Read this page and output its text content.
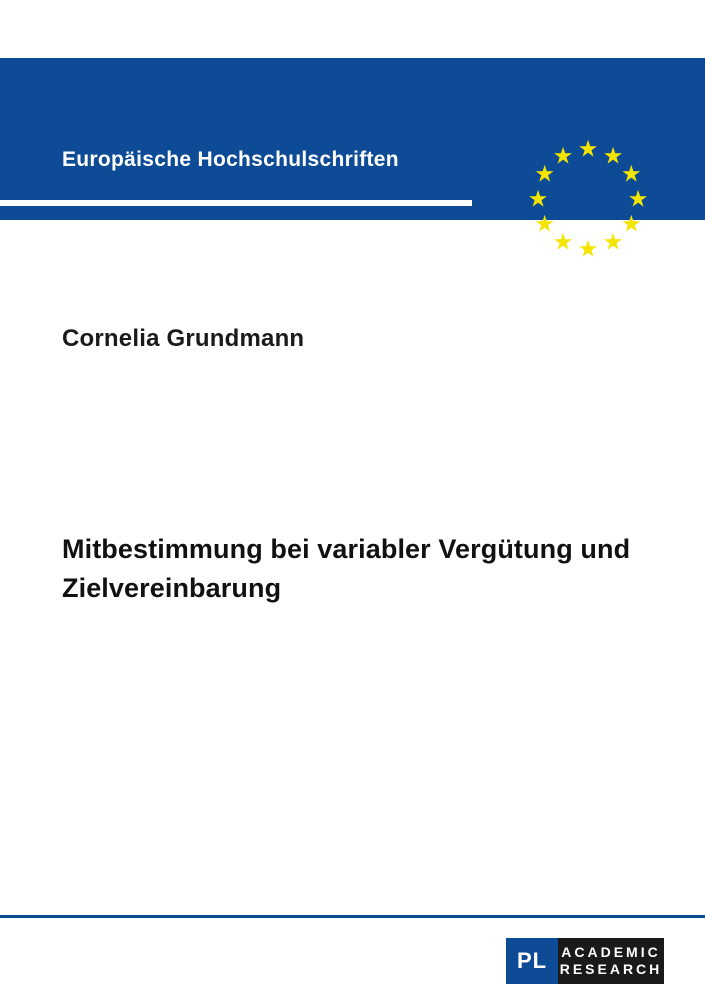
Europäische Hochschulschriften
Rechtswissenschaft
★ ★
★
★
★
★
★
★
★
★
★
★
Cornelia Grundmann
Mitbestimmung bei variabler Vergütung und Zielvereinbarung
PL	ACADEMIC
RESEARCH
